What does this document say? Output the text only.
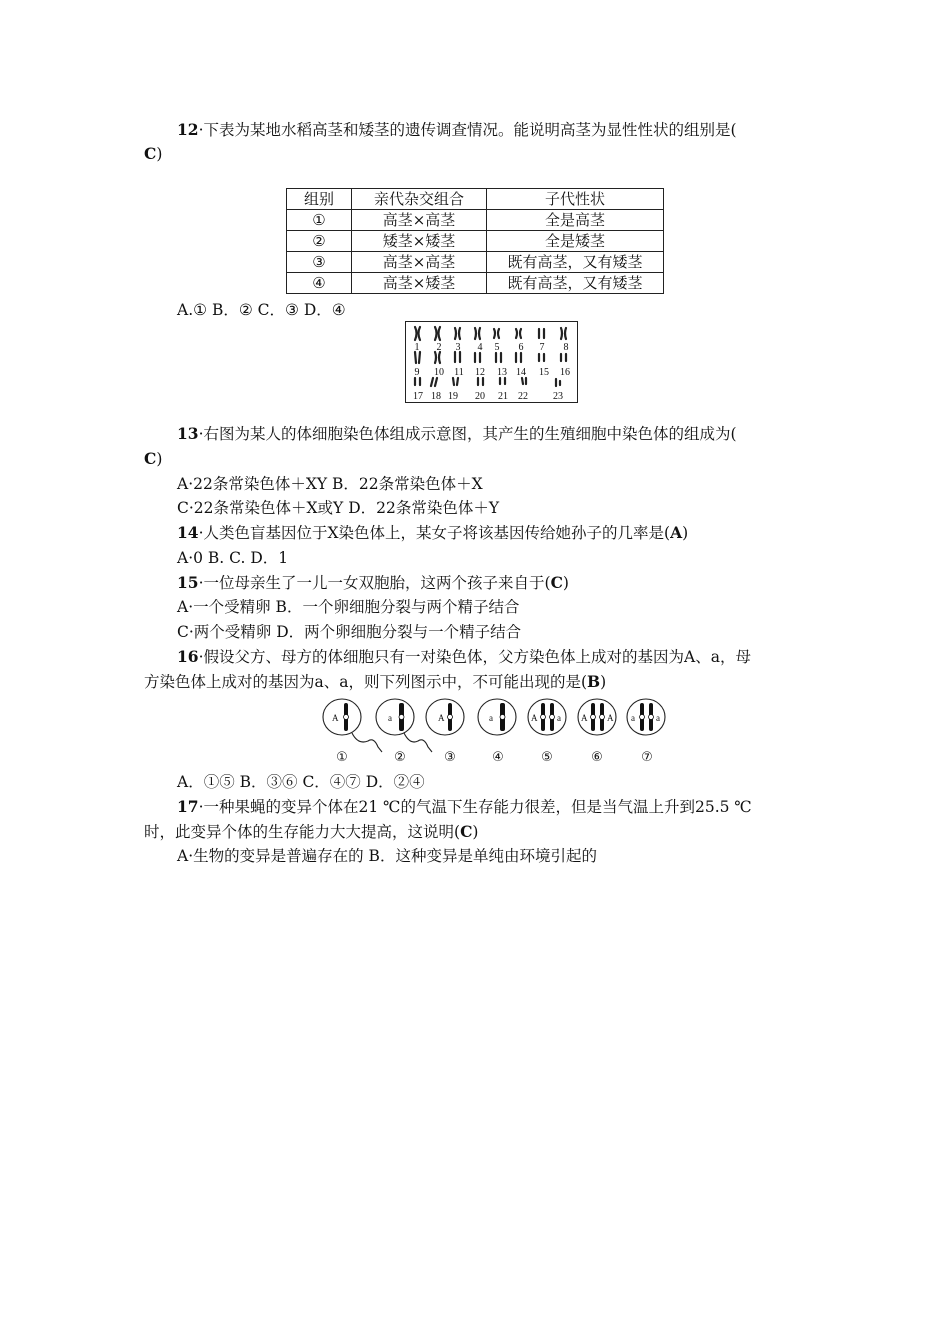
12·下表为某地水稻高茎和矮茎的遗传调查情况。能说明高茎为显性性状的组别是(
C)
组别	亲代杂交组合	子代性状
①	高茎×高茎	全是高茎
②	矮茎×矮茎	全是矮茎
③	高茎×高茎	既有高茎，又有矮茎
④	高茎×矮茎	既有高茎，又有矮茎
A.① B．② C．③ D．④
1 2 3 4 5 6 7 8
9 10 11 12 13 14 15 16
17 18 19 20 21 22	23
13·右图为某人的体细胞染色体组成示意图，其产生的生殖细胞中染色体的组成为(
C)
A·22条常染色体＋XY B．22条常染色体＋X
C·22条常染色体＋X或Y D．22条常染色体＋Y
14·人类色盲基因位于X染色体上，某女子将该基因传给她孙子的几率是(A)
A·0 B. C. D．1
15·一位母亲生了一儿一女双胞胎，这两个孩子来自于(C)
A·一个受精卵 B．一个卵细胞分裂与两个精子结合
C·两个受精卵 D．两个卵细胞分裂与一个精子结合
16·假设父方、母方的体细胞只有一对染色体，父方染色体上成对的基因为A、a，母
方染色体上成对的基因为a、a，则下列图示中，不可能出现的是(B)
A	a	A	a	A a A A a a
①	②	③	④	⑤	⑥	⑦
A．①⑤ B．③⑥ C．④⑦ D．②④
17·一种果蝇的变异个体在21 ℃的气温下生存能力很差，但是当气温上升到25.5 ℃
时，此变异个体的生存能力大大提高，这说明(C)
A·生物的变异是普遍存在的 B．这种变异是单纯由环境引起的
